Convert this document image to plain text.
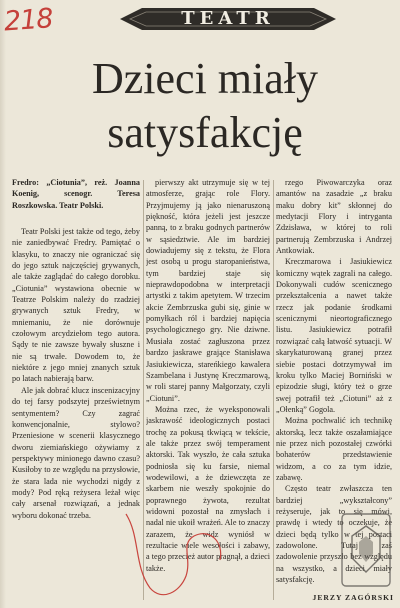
218	TEATR
Dzieci miały
satysfakcję
Fredro: „Ciotunia”, reż. Joanna Koenig, scenogr. Teresa Roszkowska. Teatr Polski.

Teatr Polski jest także od tego, żeby nie zaniedbywać Fredry. Pamiętać o klasyku, to znaczy nie ograniczać się do jego sztuk najczęściej grywanych, ale także zaglądać do całego dorobku. „Ciotunia” wystawiona obecnie w Teatrze Polskim należy do rzadziej grywanych sztuk Fredry, w mniemaniu, że nie dorównuje czołowym arcydziełom tego autora. Sądy te nie zawsze bywały słuszne i nie są trwałe. Dowodem to, że niektóre z jego mniej znanych sztuk po latach nabierają barw.

Ale jak dobrać klucz inscenizacyjny do tej farsy podszytej prześwietnym sentymentem? Czy zagrać konwencjonalnie, stylowo? Przeniesione w scenerii klasycznego dworu ziemiańskiego ożywiamy z perspektywy minionego dawno czasu? Kusiłoby to ze względu na przysłowie, że stara lada nie wychodzi nigdy z mody? Pod ręką reżysera leżał więc cały arsenał rozwiązań, a jednak wyboru dokonać trzeba.

pierwszy akt utrzymuje się w tej atmosferze, grając role Flory. Przyjmujemy ją jako nienaruszoną piękność, która jeżeli jest jeszcze panną, to z braku godnych partnerów w sąsiedztwie. Ale im bardziej dowiadujemy się z tekstu, że Flora jest osobą u progu staropanieństwa, tym bardziej staje się nieprawdopodobna w interpretacji artystki z takim apetytem. W trzecim akcie Zembrzuska gubi się, ginie w pomyłkach ról i bardziej napięcia psychologicznego gry. Nie dziwne. Musiała zostać zagłuszona przez bardzo jaskrawe grające Stanisława Jasiukiewicza, stareńkiego kawalera Szambelana i Justynę Kreczmarową, w roli starej panny Małgorzaty, czyli „Ciotuni”.

Można rzec, że wyeksponowali jaskrawość ideologicznych postaci trochę za pokusą tkwiącą w tekście, ale także przez swój temperament aktorski. Tak wyszło, że cała sztuka podniosła się ku farsie, niemal wodewilowi, a że dziewczęta ze skarbem nie weszły spokojnie do poprawnego żywota, rezultat widowni pozostał na zmysłach i nadal nie ukoił wrażeń. Ale to znaczy zarazem, że widz wyniósł w rezultacie wiele wesołości i zabawy, a tego przecież autor pragnął, a dzieci także.

rzego Piwowarczyka oraz amantów na zasadzie „z braku maku dobry kit” skłonnej do medytacji Flory i intryganta Zdzisława, w której to roli partnerują Zembrzuska i Andrzej Antkowiak.

Kreczmarowa i Jasiukiewicz komiczny wątek zagrali na całego. Dokonywali cudów scenicznego przekształcenia a nawet także rzecz jak podanie środkami scenicznymi nieortograficznego listu. Jasiukiewicz potrafił rozwiązać całą łatwość sytuacji. W skarykaturowaną granej przez siebie postaci dotrzymywał im kroku tylko Maciej Borniński w epizodzie sługi, który też o grze swej potrafił też „Ciotuni” aż z „Ołenką” Gogola.

Można pochwalić ich technikę aktorską, lecz także oszałamiające nie przez nich pozostałej czwórki bohaterów przedstawienie widzom, a co za tym idzie, zabawę.

Często teatr zwłaszcza ten bardziej „wykształcony” reżyseruje, jak to się mówi, prawdę i wtedy to oczekuje, że dzieci będą tylko w tej postaci zadowolone. Tutaj zaś zadowolenie przyszło bez względu na wszystko, a dzieci miały satysfakcję.

JERZY ZAGÓRSKI
